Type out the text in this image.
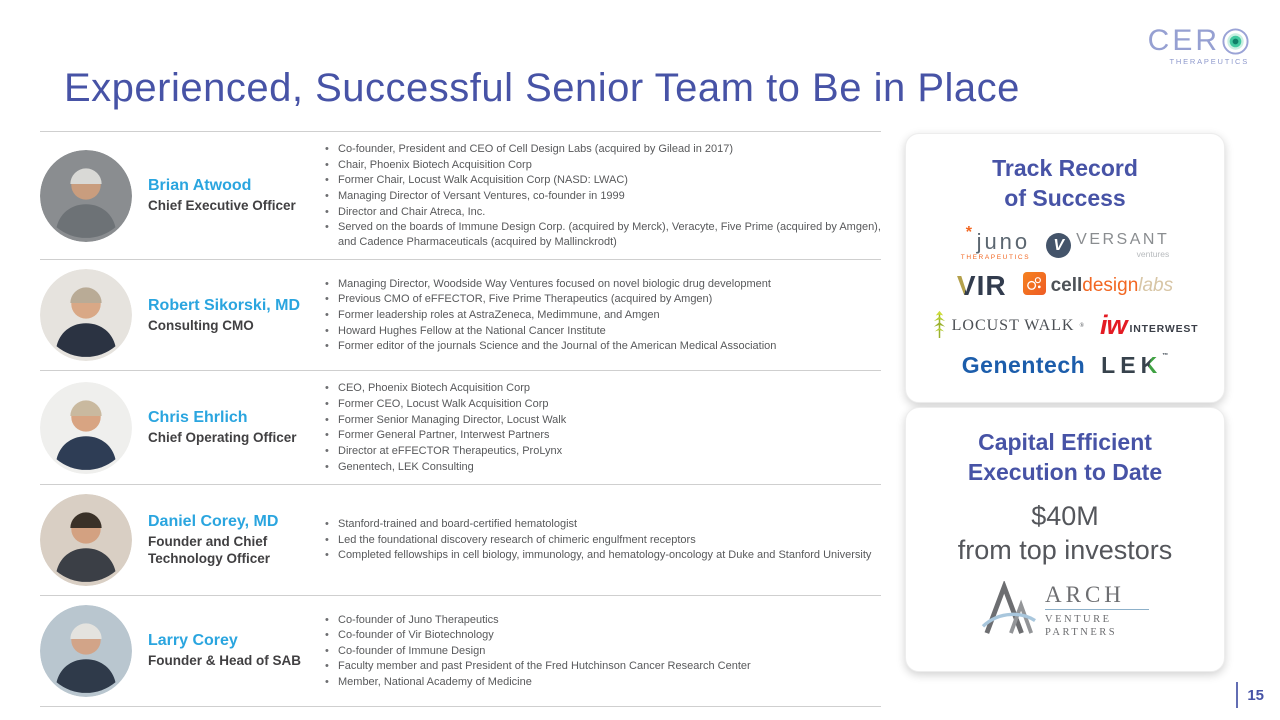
Experienced, Successful Senior Team to Be in Place
CER
THERAPEUTICS
Brian Atwood
Chief Executive Officer
• Co-founder, President and CEO of Cell Design Labs (acquired by Gilead in 2017)
• Chair, Phoenix Biotech Acquisition Corp
• Former Chair, Locust Walk Acquisition Corp (NASD: LWAC)
• Managing Director of Versant Ventures, co-founder in 1999
• Director and Chair Atreca, Inc.
• Served on the boards of Immune Design Corp. (acquired by Merck), Veracyte, Five Prime (acquired by Amgen), and Cadence Pharmaceuticals (acquired by Mallinckrodt)
Robert Sikorski, MD
Consulting CMO
• Managing Director, Woodside Way Ventures focused on novel biologic drug development
• Previous CMO of eFFECTOR, Five Prime Therapeutics (acquired by Amgen)
• Former leadership roles at AstraZeneca, Medimmune, and Amgen
• Howard Hughes Fellow at the National Cancer Institute
• Former editor of the journals Science and the Journal of the American Medical Association
Chris Ehrlich
Chief Operating Officer
• CEO, Phoenix Biotech Acquisition Corp
• Former CEO, Locust Walk Acquisition Corp
• Former Senior Managing Director, Locust Walk
• Former General Partner, Interwest Partners
• Director at eFFECTOR Therapeutics, ProLynx
• Genentech, LEK Consulting
Daniel Corey, MD
Founder and Chief Technology Officer
• Stanford-trained and board-certified hematologist
• Led the foundational discovery research of chimeric engulfment receptors
• Completed fellowships in cell biology, immunology, and hematology-oncology at Duke and Stanford University
Larry Corey
Founder & Head of SAB
• Co-founder of Juno Therapeutics
• Co-founder of Vir Biotechnology
• Co-founder of Immune Design
• Faculty member and past President of the Fred Hutchinson Cancer Research Center
• Member, National Academy of Medicine
Track Record
of Success
* juno
THERAPEUTICS
V VERSANT
ventures
V IR celldesignlabs
LOCUST WALK ® iw INTERWEST
Genentech L E K ™
Capital Efficient
Execution to Date
$40M
from top investors
ARCH
VENTURE
PARTNERS
15
